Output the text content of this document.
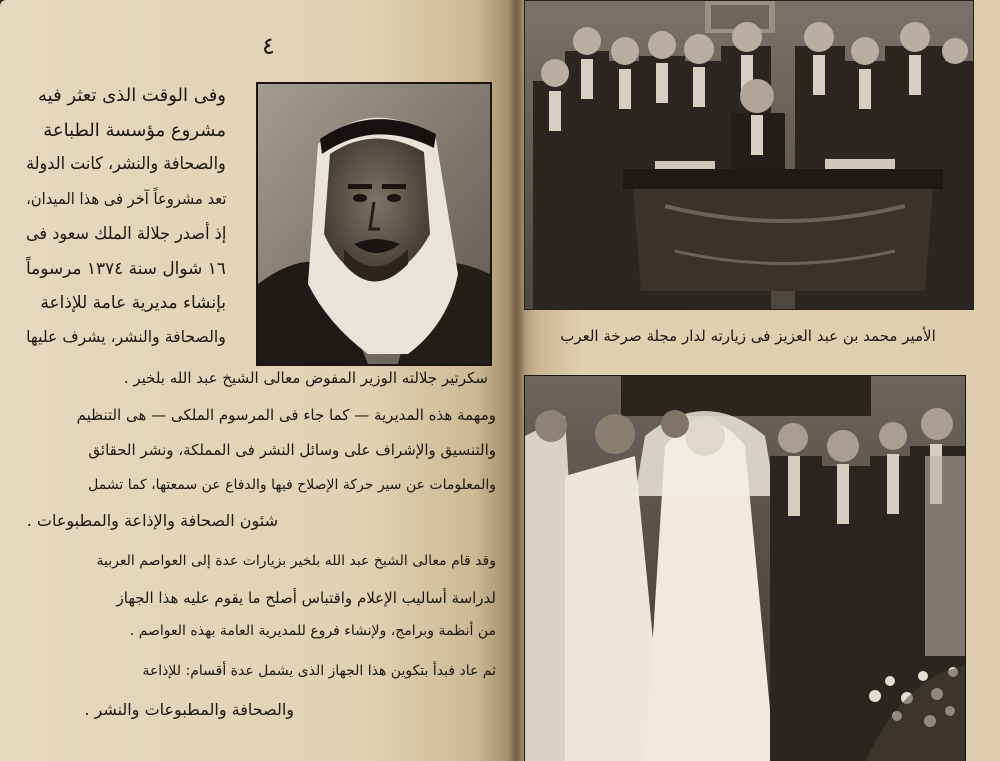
٤
وفى الوقت الذى تعثر فيه
مشروع مؤسسة الطباعة
والصحافة والنشر، كانت الدولة
تعد مشروعاً آخر فى هذا الميدان،
إذ أصدر جلالة الملك سعود فى
١٦ شوال سنة ١٣٧٤ مرسوماً
بإنشاء مديرية عامة للإذاعة
والصحافة والنشر، يشرف عليها
سكرتير جلالته الوزير المفوض معالى الشيخ عبد الله بلخير .
ومهمة هذه المديرية — كما جاء فى المرسوم الملكى — هى التنظيم
والتنسيق والإشراف على وسائل النشر فى المملكة، ونشر الحقائق
والمعلومات عن سير حركة الإصلاح فيها والدفاع عن سمعتها، كما تشمل
شئون الصحافة والإذاعة والمطبوعات .
وقد قام معالى الشيخ عبد الله بلخير بزيارات عدة إلى العواصم العربية
لدراسة أساليب الإعلام واقتباس أصلح ما يقوم عليه هذا الجهاز
من أنظمة وبرامج، ولإنشاء فروع للمديرية العامة بهذه العواصم .
ثم عاد فبدأ بتكوين هذا الجهاز الذى يشمل عدة أقسام: للإذاعة
والصحافة والمطبوعات والنشر .
الأمير محمد بن عبد العزيز فى زيارته لدار مجلة صرخة العرب
